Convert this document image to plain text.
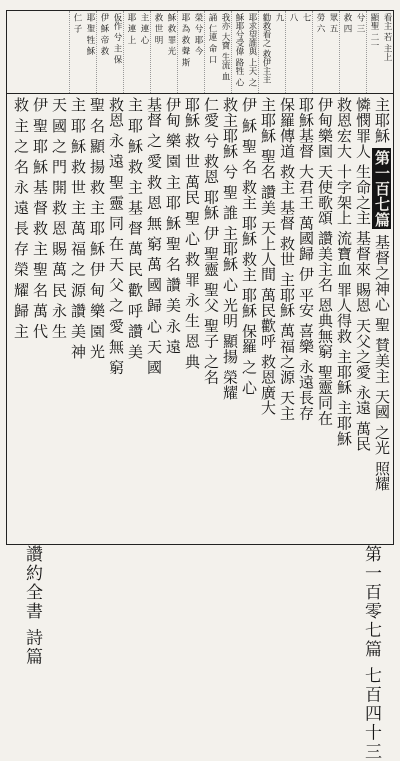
看主 若 主上
顯聖 二一
兮 三
救 四
眾 五
勞 六
七
八
九
勸救看之 救伊主主
耶求望誰與 上天 之
穌耶兮受偉 路牲 心
我亦 大寶 生流 血
誦 仁連 命 口
榮 兮 耶 今
耶 為 救 聲 斯
穌 救 罪 光
救 世 明
主 連 心
耶 連 上
仮作 兮 主 保
伊 穌 帝 救
耶 聖 牲 穌
仁 子
主耶穌 第一百七篇 基督之神心 聖 賛美主 天國 之光 照耀
憐憫罪人 生命之主 基督來 賜恩 天父之愛 永遠 萬民
救恩宏大 十字架上 流寶血 罪人得救 主耶穌 主耶穌
伊甸樂園 天使歌頌 讚美主名 恩典無窮 聖靈同在
耶穌基督 大君王 萬國歸 伊 平安 喜樂 永遠長存
保羅傳道 救主 基督 救世 主耶穌 萬福之源 天主
主耶穌 聖名 讚美 天上人間 萬民歡呼 救恩廣大
伊 穌 聖 名 救主 耶穌 救主 耶穌 保羅 之 心
救主耶穌 兮 聖 誰 主耶穌 心 光明 顯揚 榮耀
仁愛 兮 救恩 耶穌 伊 聖靈 聖父 聖子 之名
耶穌 救 世 萬民 聖 心 救 罪 永 生 恩 典
伊甸 樂 園 主 耶 穌 聖 名 讚 美 永 遠
基督 之 愛 救 恩 無 窮 萬 國 歸 心 天 國
主 耶 穌 救 主 基 督 萬 民 歡 呼 讚 美
救恩 永 遠 聖 靈 同 在 天 父 之 愛 無 窮
聖 名 顯 揚 救 主 耶 穌 伊 甸 樂 園 光
主 耶 穌 救 世 主 萬 福 之 源 讚 美 神
天 國 之 門 開 救 恩 賜 萬 民 永 生
伊 聖 耶 穌 基 督 救 主 聖 名 萬 代
救 主 之 名 永 遠 長 存 榮 耀 歸 主
第一百零七篇 七百四十三
讚約全書 詩篇
